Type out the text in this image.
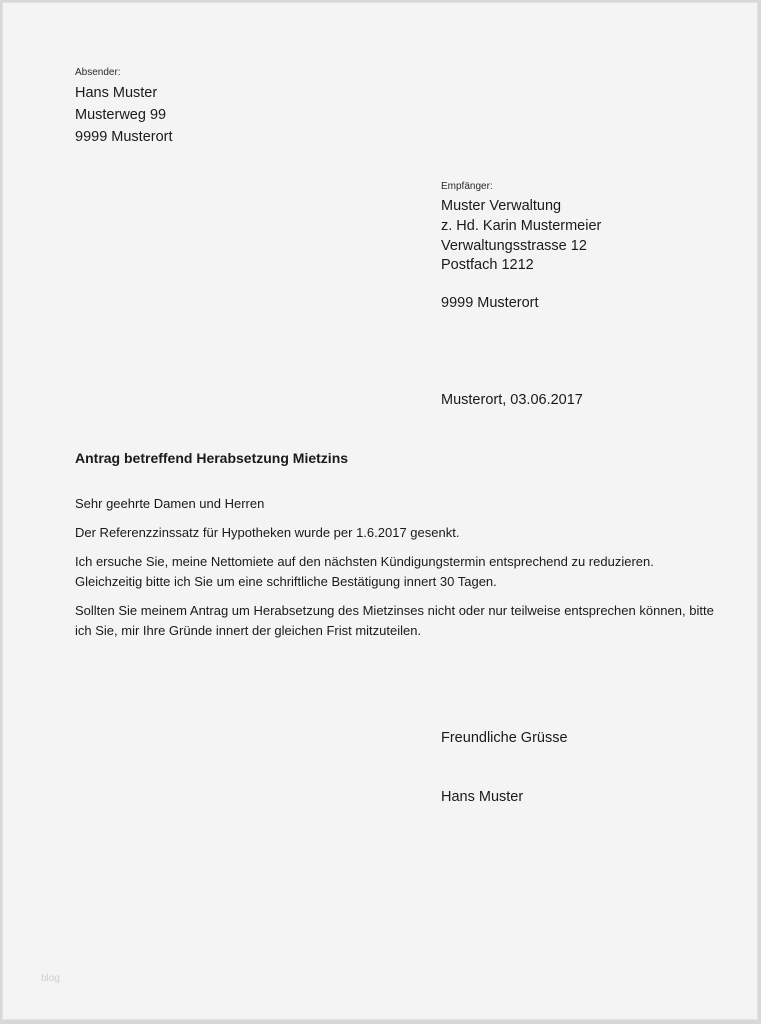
Absender:
Hans Muster
Musterweg 99
9999 Musterort
Empfänger:
Muster Verwaltung
z. Hd. Karin Mustermeier
Verwaltungsstrasse 12
Postfach 1212
9999 Musterort
Musterort, 03.06.2017
Antrag betreffend Herabsetzung Mietzins
Sehr geehrte Damen und Herren
Der Referenzzinssatz für Hypotheken wurde per 1.6.2017 gesenkt.
Ich ersuche Sie, meine Nettomiete auf den nächsten Kündigungstermin entsprechend zu reduzieren.
Gleichzeitig bitte ich Sie um eine schriftliche Bestätigung innert 30 Tagen.
Sollten Sie meinem Antrag um Herabsetzung des Mietzinses nicht oder nur teilweise entsprechen können, bitte
ich Sie, mir Ihre Gründe innert der gleichen Frist mitzuteilen.
Freundliche Grüsse
Hans Muster
blog
